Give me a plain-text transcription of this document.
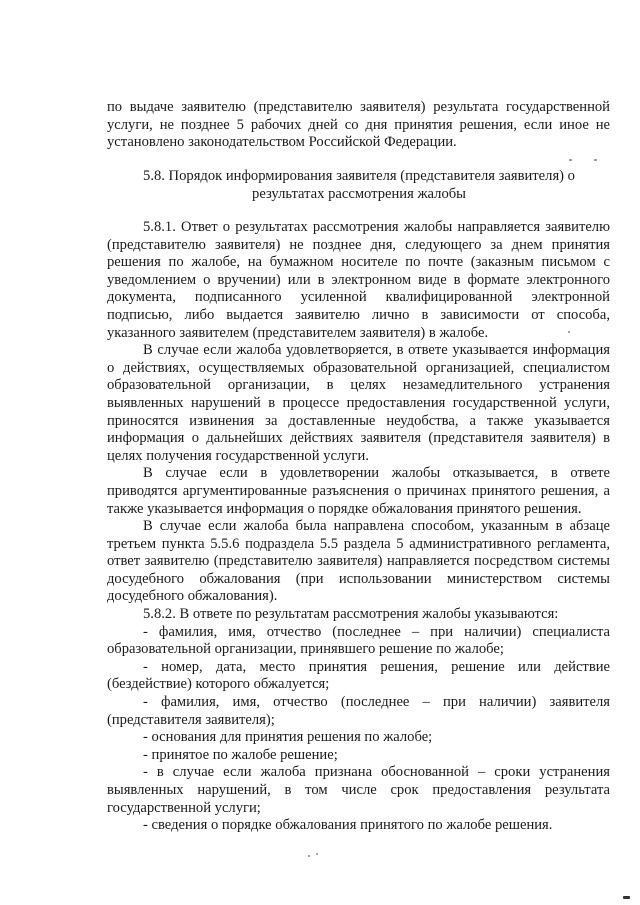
по выдаче заявителю (представителю заявителя) результата государственной услуги, не позднее 5 рабочих дней со дня принятия решения, если иное не установлено законодательством Российской Федерации.

5.8. Порядок информирования заявителя (представителя заявителя) о результатах рассмотрения жалобы

5.8.1. Ответ о результатах рассмотрения жалобы направляется заявителю (представителю заявителя) не позднее дня, следующего за днем принятия решения по жалобе, на бумажном носителе по почте (заказным письмом с уведомлением о вручении) или в электронном виде в формате электронного документа, подписанного усиленной квалифицированной электронной подписью, либо выдается заявителю лично в зависимости от способа, указанного заявителем (представителем заявителя) в жалобе.

В случае если жалоба удовлетворяется, в ответе указывается информация о действиях, осуществляемых образовательной организацией, специалистом образовательной организации, в целях незамедлительного устранения выявленных нарушений в процессе предоставления государственной услуги, приносятся извинения за доставленные неудобства, а также указывается информация о дальнейших действиях заявителя (представителя заявителя) в целях получения государственной услуги.

В случае если в удовлетворении жалобы отказывается, в ответе приводятся аргументированные разъяснения о причинах принятого решения, а также указывается информация о порядке обжалования принятого решения.

В случае если жалоба была направлена способом, указанным в абзаце третьем пункта 5.5.6 подраздела 5.5 раздела 5 административного регламента, ответ заявителю (представителю заявителя) направляется посредством системы досудебного обжалования (при использовании министерством системы досудебного обжалования).

5.8.2. В ответе по результатам рассмотрения жалобы указываются:

- фамилия, имя, отчество (последнее – при наличии) специалиста образовательной организации, принявшего решение по жалобе;

- номер, дата, место принятия решения, решение или действие (бездействие) которого обжалуется;

- фамилия, имя, отчество (последнее – при наличии) заявителя (представителя заявителя);

- основания для принятия решения по жалобе;

- принятое по жалобе решение;

- в случае если жалоба признана обоснованной – сроки устранения выявленных нарушений, в том числе срок предоставления результата государственной услуги;

- сведения о порядке обжалования принятого по жалобе решения.
